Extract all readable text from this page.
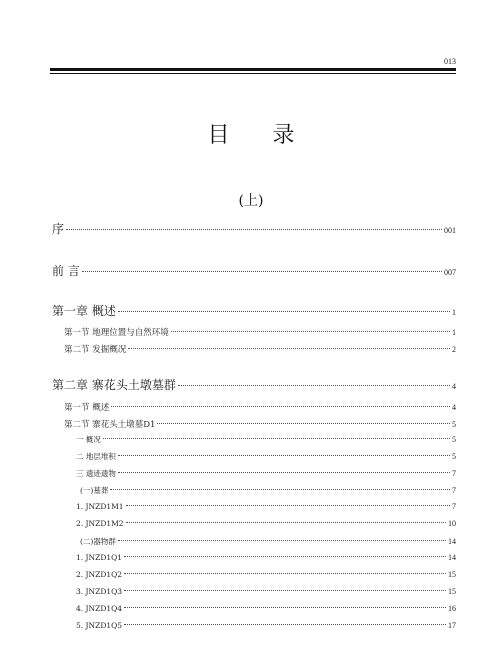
013
目 录
(上)
序	001
前 言	007
第一章 概述	1
第一节 地理位置与自然环境	1
第二节 发掘概况	2
第二章 寨花头土墩墓群	4
第一节 概述	4
第二节 寨花头土墩墓D1	5
一 概况	5
二 地层堆积	5
三 遗迹遗物	7
(一)墓葬	7
1. JNZD1M1	7
2. JNZD1M2	10
(二)器物群	14
1. JNZD1Q1	14
2. JNZD1Q2	15
3. JNZD1Q3	15
4. JNZD1Q4	16
5. JNZD1Q5	17
